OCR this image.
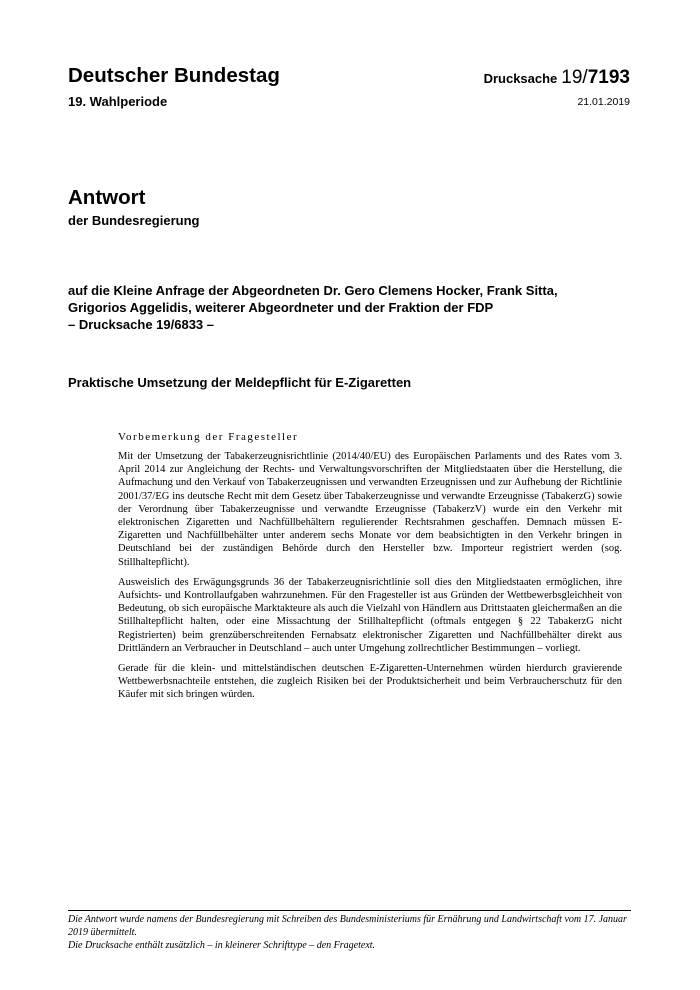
Deutscher Bundestag
19. Wahlperiode
Drucksache 19/7193
21.01.2019
Antwort
der Bundesregierung
auf die Kleine Anfrage der Abgeordneten Dr. Gero Clemens Hocker, Frank Sitta,
Grigorios Aggelidis, weiterer Abgeordneter und der Fraktion der FDP
– Drucksache 19/6833 –
Praktische Umsetzung der Meldepflicht für E-Zigaretten
Vorbemerkung der Fragesteller

Mit der Umsetzung der Tabakerzeugnisrichtlinie (2014/40/EU) des Europäischen Parlaments und des Rates vom 3. April 2014 zur Angleichung der Rechts- und Verwaltungsvorschriften der Mitgliedstaaten über die Herstellung, die Aufmachung und den Verkauf von Tabakerzeugnissen und verwandten Erzeugnissen und zur Aufhebung der Richtlinie 2001/37/EG ins deutsche Recht mit dem Gesetz über Tabakerzeugnisse und verwandte Erzeugnisse (TabakerzG) sowie der Verordnung über Tabakerzeugnisse und verwandte Erzeugnisse (TabakerzV) wurde ein den Verkehr mit elektronischen Zigaretten und Nachfüllbehältern regulierender Rechtsrahmen geschaffen. Demnach müssen E-Zigaretten und Nachfüllbehälter unter anderem sechs Monate vor dem beabsichtigten in den Verkehr bringen in Deutschland bei der zuständigen Behörde durch den Hersteller bzw. Importeur registriert werden (sog. Stillhaltepflicht).

Ausweislich des Erwägungsgrunds 36 der Tabakerzeugnisrichtlinie soll dies den Mitgliedstaaten ermöglichen, ihre Aufsichts- und Kontrollaufgaben wahrzunehmen. Für den Fragesteller ist aus Gründen der Wettbewerbsgleichheit von Bedeutung, ob sich europäische Marktakteure als auch die Vielzahl von Händlern aus Drittstaaten gleichermaßen an die Stillhaltepflicht halten, oder eine Missachtung der Stillhaltepflicht (oftmals entgegen § 22 TabakerzG nicht Registrierten) beim grenzüberschreitenden Fernabsatz elektronischer Zigaretten und Nachfüllbehälter direkt aus Drittländern an Verbraucher in Deutschland – auch unter Umgehung zollrechtlicher Bestimmungen – vorliegt.

Gerade für die klein- und mittelständischen deutschen E-Zigaretten-Unternehmen würden hierdurch gravierende Wettbewerbsnachteile entstehen, die zugleich Risiken bei der Produktsicherheit und beim Verbraucherschutz für den Käufer mit sich bringen würden.

Die Antwort wurde namens der Bundesregierung mit Schreiben des Bundesministeriums für Ernährung und Landwirtschaft vom 17. Januar 2019 übermittelt.

Die Drucksache enthält zusätzlich – in kleinerer Schrifttype – den Fragetext.
